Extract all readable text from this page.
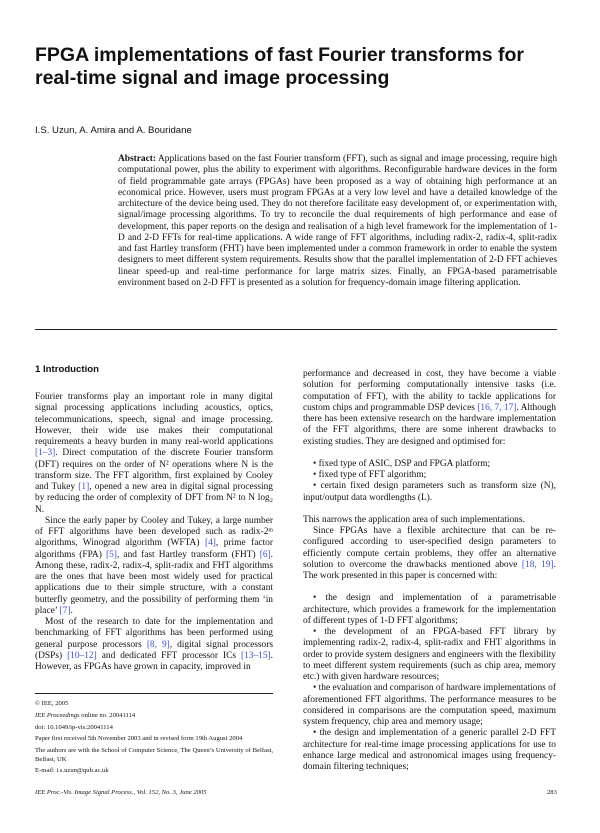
FPGA implementations of fast Fourier transforms for real-time signal and image processing
I.S. Uzun, A. Amira and A. Bouridane
Abstract: Applications based on the fast Fourier transform (FFT), such as signal and image processing, require high computational power, plus the ability to experiment with algorithms. Reconfigurable hardware devices in the form of field programmable gate arrays (FPGAs) have been proposed as a way of obtaining high performance at an economical price. However, users must program FPGAs at a very low level and have a detailed knowledge of the architecture of the device being used. They do not therefore facilitate easy development of, or experimentation with, signal/image processing algorithms. To try to reconcile the dual requirements of high performance and ease of development, this paper reports on the design and realisation of a high level framework for the implementation of 1-D and 2-D FFTs for real-time applications. A wide range of FFT algorithms, including radix-2, radix-4, split-radix and fast Hartley transform (FHT) have been implemented under a common framework in order to enable the system designers to meet different system requirements. Results show that the parallel implementation of 2-D FFT achieves linear speed-up and real-time performance for large matrix sizes. Finally, an FPGA-based parametrisable environment based on 2-D FFT is presented as a solution for frequency-domain image filtering application.
1 Introduction

Fourier transforms play an important role in many digital signal processing applications including acoustics, optics, telecommunications, speech, signal and image processing. However, their wide use makes their computational requirements a heavy burden in many real-world applications [1–3]. Direct computation of the discrete Fourier transform (DFT) requires on the order of N² operations where N is the transform size. The FFT algorithm, first explained by Cooley and Tukey [1], opened a new area in digital signal processing by reducing the order of complexity of DFT from N² to N log₂ N.

Since the early paper by Cooley and Tukey, a large number of FFT algorithms have been developed such as radix-2ᵐ algorithms, Winograd algorithm (WFTA) [4], prime factor algorithms (FPA) [5], and fast Hartley transform (FHT) [6]. Among these, radix-2, radix-4, split-radix and FHT algorithms are the ones that have been most widely used for practical applications due to their simple structure, with a constant butterfly geometry, and the possibility of performing them ‘in place’ [7].

Most of the research to date for the implementation and benchmarking of FFT algorithms has been performed using general purpose processors [8, 9], digital signal processors (DSPs) [10–12] and dedicated FFT processor ICs [13–15]. However, as FPGAs have grown in capacity, improved in

performance and decreased in cost, they have become a viable solution for performing computationally intensive tasks (i.e. computation of FFT), with the ability to tackle applications for custom chips and programmable DSP devices [16, 7, 17]. Although there has been extensive research on the hardware implementation of the FFT algorithms, there are some inherent drawbacks to existing studies. They are designed and optimised for:

• fixed type of ASIC, DSP and FPGA platform;

• fixed type of FFT algorithm;

• certain fixed design parameters such as transform size (N), input/output data wordlengths (L).

This narrows the application area of such implementations.

Since FPGAs have a flexible architecture that can be re-configured according to user-specified design parameters to efficiently compute certain problems, they offer an alternative solution to overcome the drawbacks mentioned above [18, 19]. The work presented in this paper is concerned with:

• the design and implementation of a parametrisable architecture, which provides a framework for the implementation of different types of 1-D FFT algorithms;

• the development of an FPGA-based FFT library by implementing radix-2, radix-4, split-radix and FHT algorithms in order to provide system designers and engineers with the flexibility to meet different system requirements (such as chip area, memory etc.) with given hardware resources;

• the evaluation and comparison of hardware implementations of aforementioned FFT algorithms. The performance measures to be considered in comparisons are the computation speed, maximum system frequency, chip area and memory usage;

• the design and implementation of a generic parallel 2-D FFT architecture for real-time image processing applications for use to enhance large medical and astronomical images using frequency-domain filtering techniques;

© IEE, 2005
IEE Proceedings online no. 20041114
doi: 10.1049/ip-vis:20041114
Paper first received 5th November 2003 and in revised form 19th August 2004
The authors are with the School of Computer Science, The Queen’s University of Belfast, Belfast, UK
E-mail: i.s.uzun@qub.ac.uk
IEE Proc.-Vis. Image Signal Process., Vol. 152, No. 3, June 2005	283
